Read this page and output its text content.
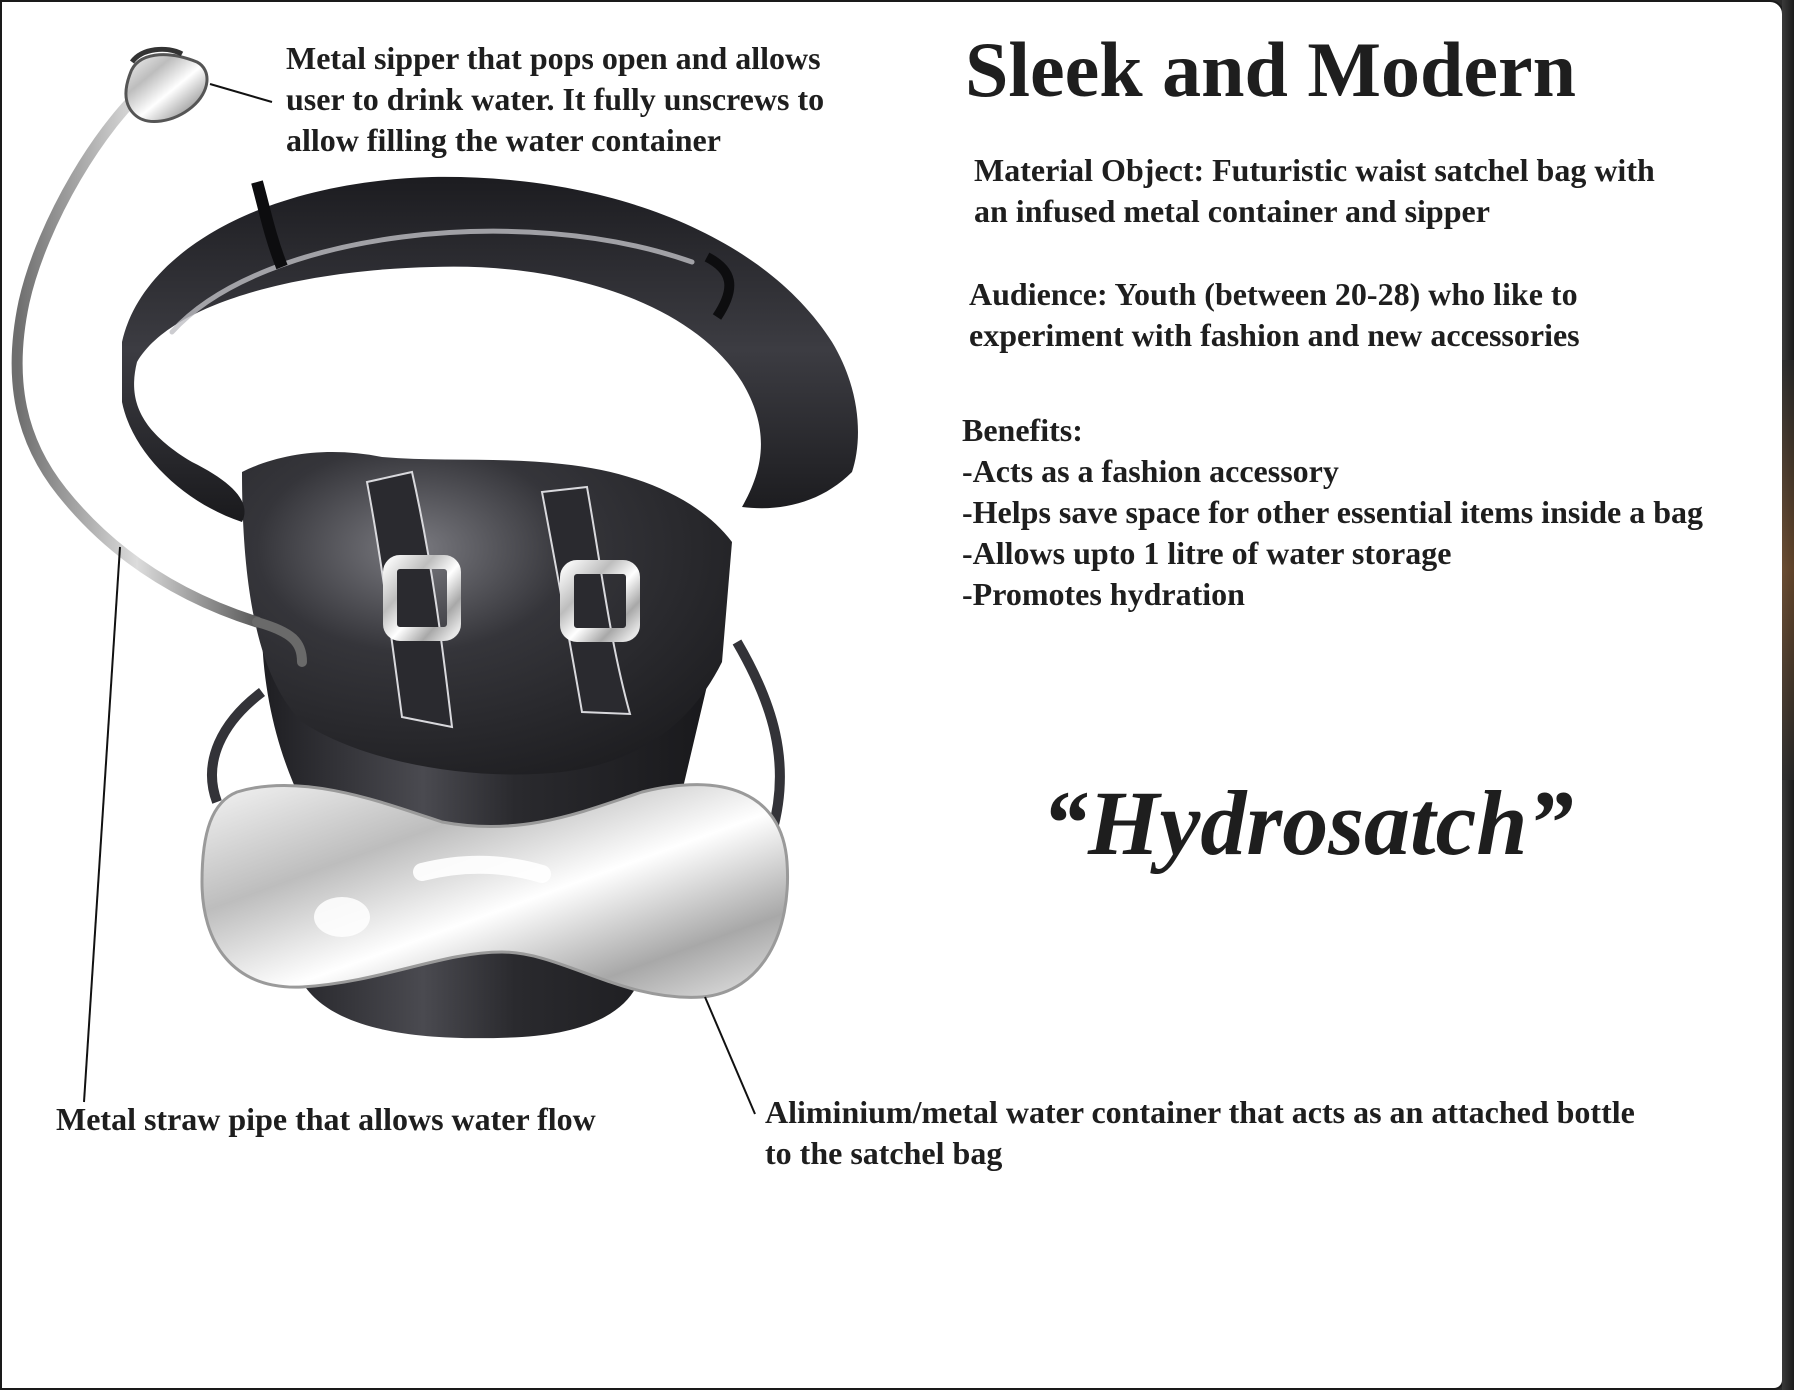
Metal sipper that pops open and allows
user to drink water. It fully unscrews to
allow filling the water container
Sleek and Modern
Material Object: Futuristic waist satchel bag with
an infused metal container and sipper
Audience: Youth (between 20-28) who like to
experiment with fashion and new accessories
Benefits:
-Acts as a fashion accessory
-Helps save space for other essential items inside a bag
-Allows upto 1 litre of water storage
-Promotes hydration
“Hydrosatch”
Metal straw pipe that allows water flow	Aliminium/metal water container that acts as an attached bottle
to the satchel bag
